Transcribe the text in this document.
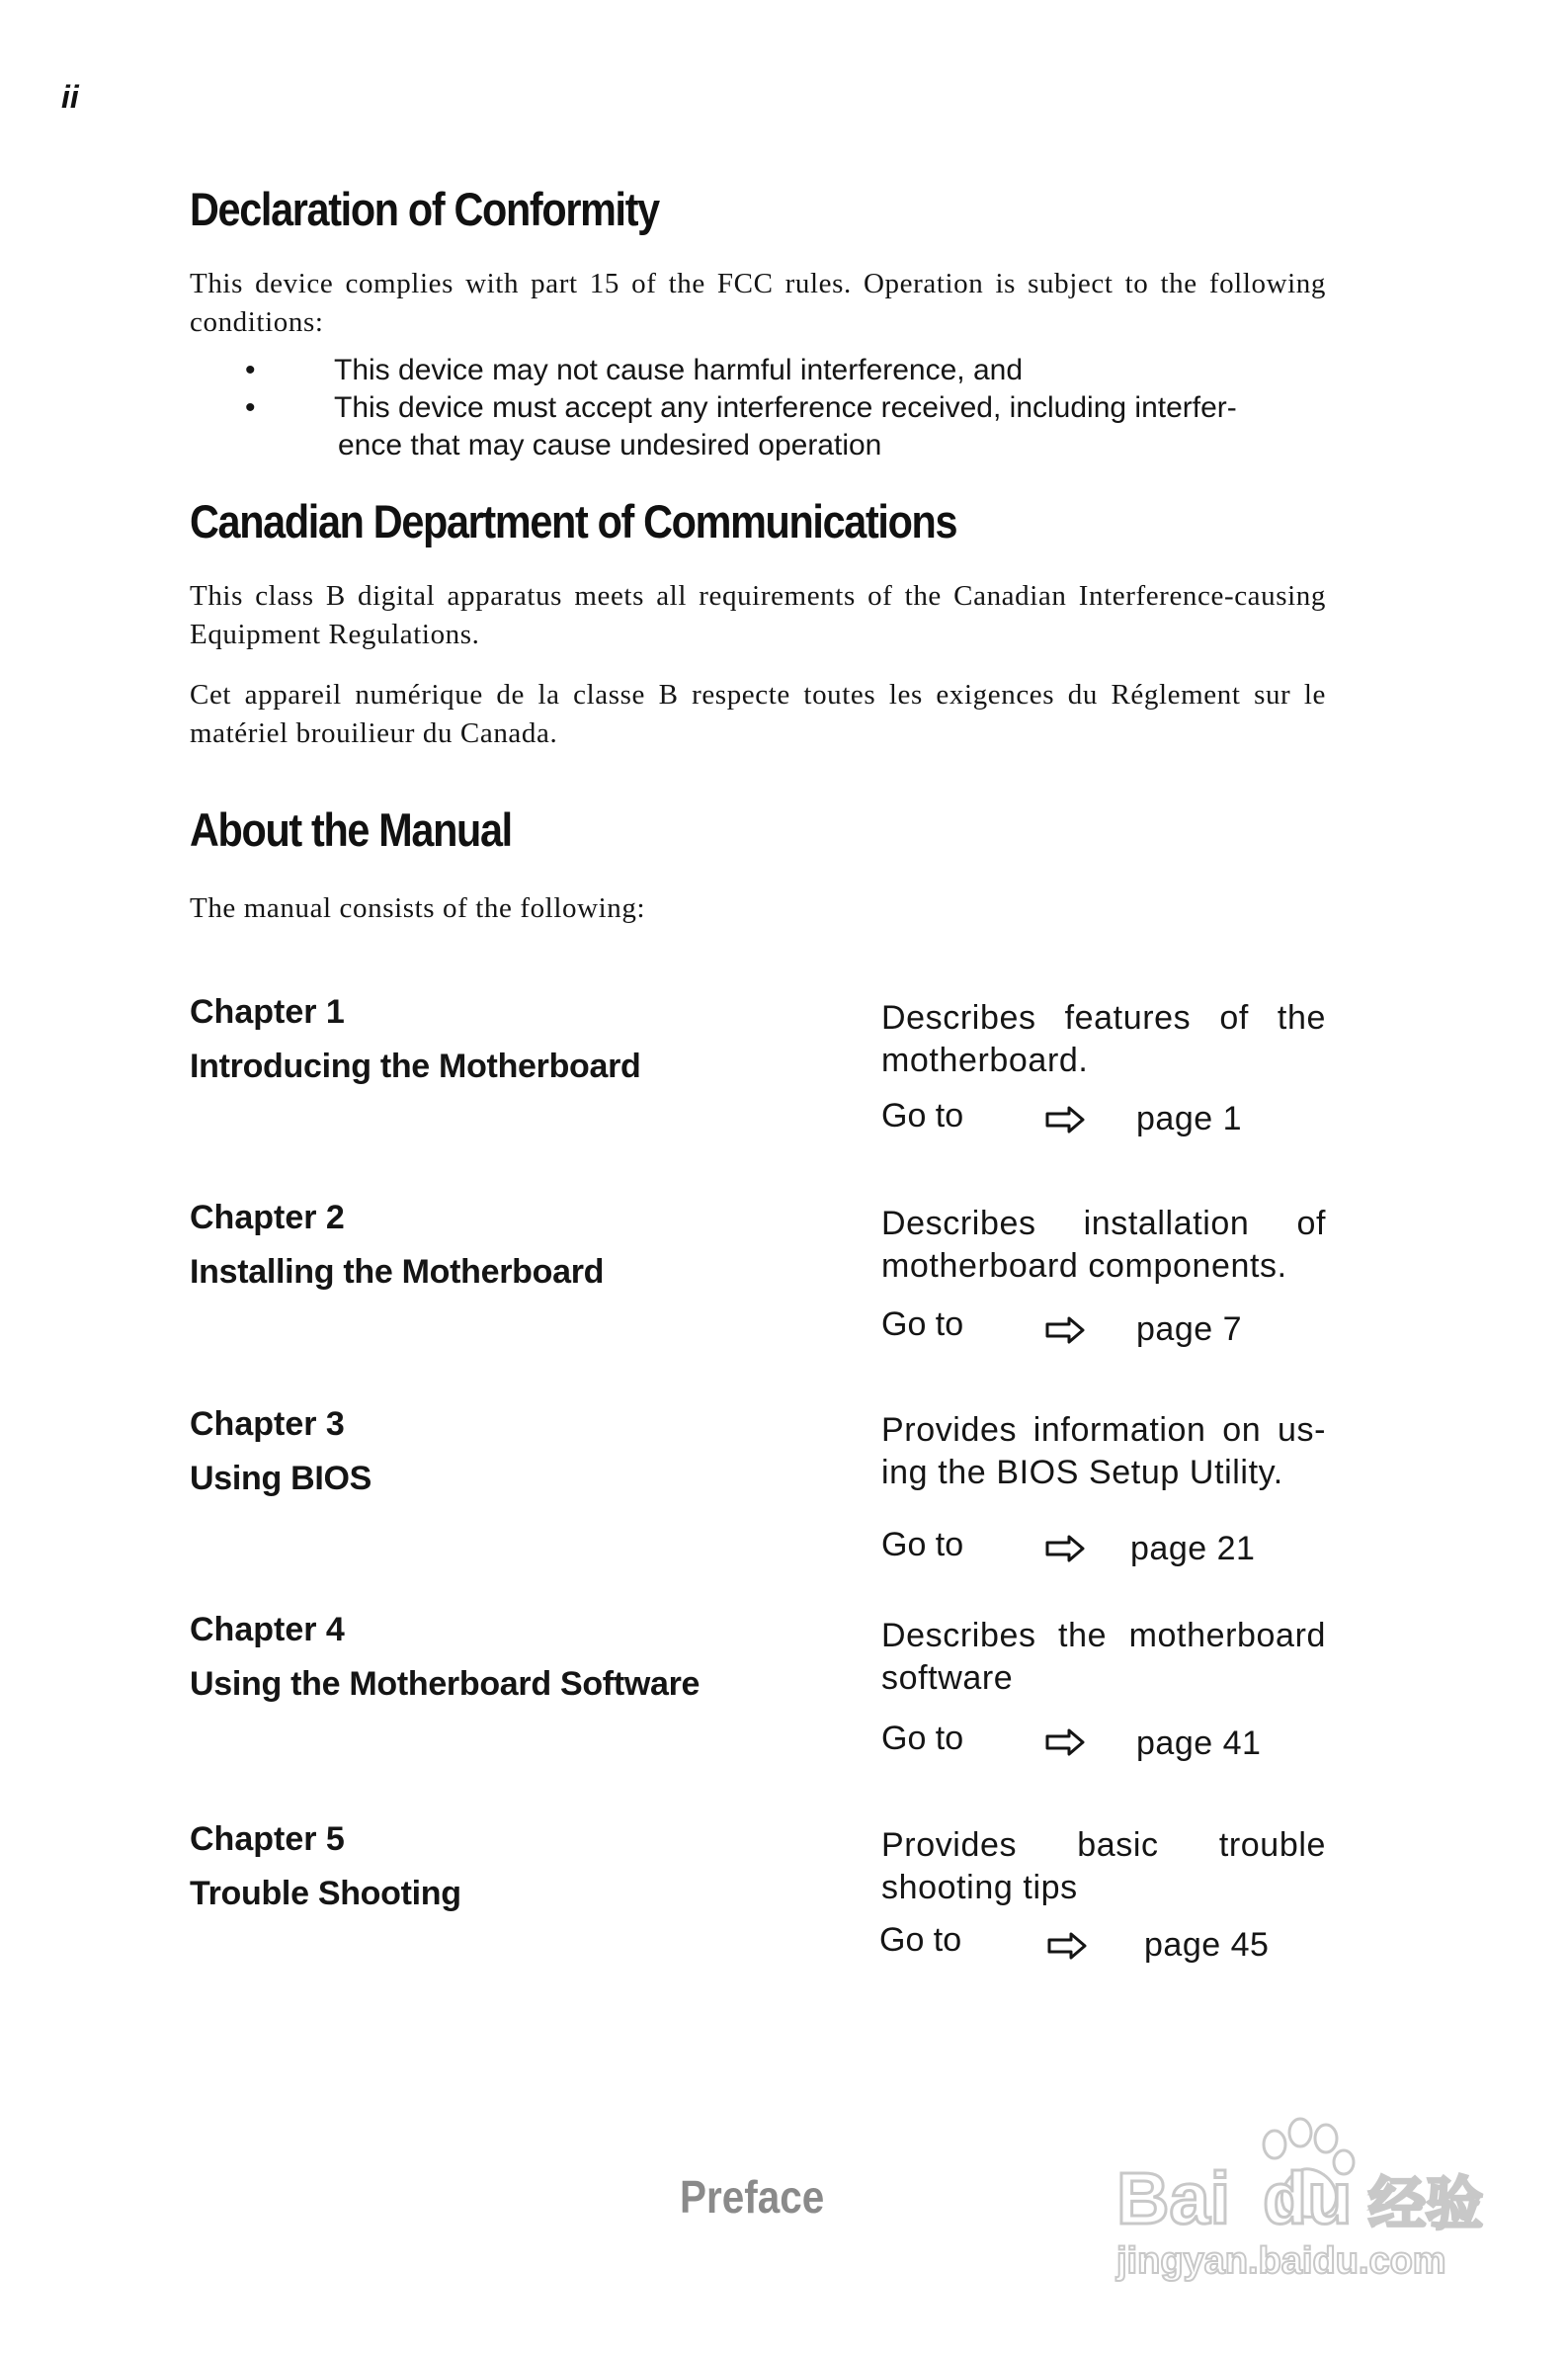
ii
Declaration of Conformity

This device complies with part 15 of the FCC rules. Operation is subject to the following conditions:

•	This device may not cause harmful interference, and
•	This device must accept any interference received, including interfer-
ence that may cause undesired operation
Canadian Department of Communications

This class B digital apparatus meets all requirements of the Canadian Interference-causing Equipment Regulations.

Cet appareil numérique de la classe B respecte toutes les exigences du Réglement sur le matériel brouilieur du Canada.

About the Manual

The manual consists of the following:

Chapter 1
Introducing the Motherboard
Describes features of the motherboard.
Go to	page 1
Chapter 2
Installing the Motherboard
Describes installation of motherboard components.
Go to	page 7
Chapter 3
Using BIOS
Provides information on us-ing the BIOS Setup Utility.
Go to	page 21
Chapter 4
Using the Motherboard Software
Describes the motherboard software
Go to	page 41
Chapter 5
Trouble Shooting
Provides basic trouble shooting tips
Go to	page 45
Preface	Bai du 经验
jingyan.baidu.com
